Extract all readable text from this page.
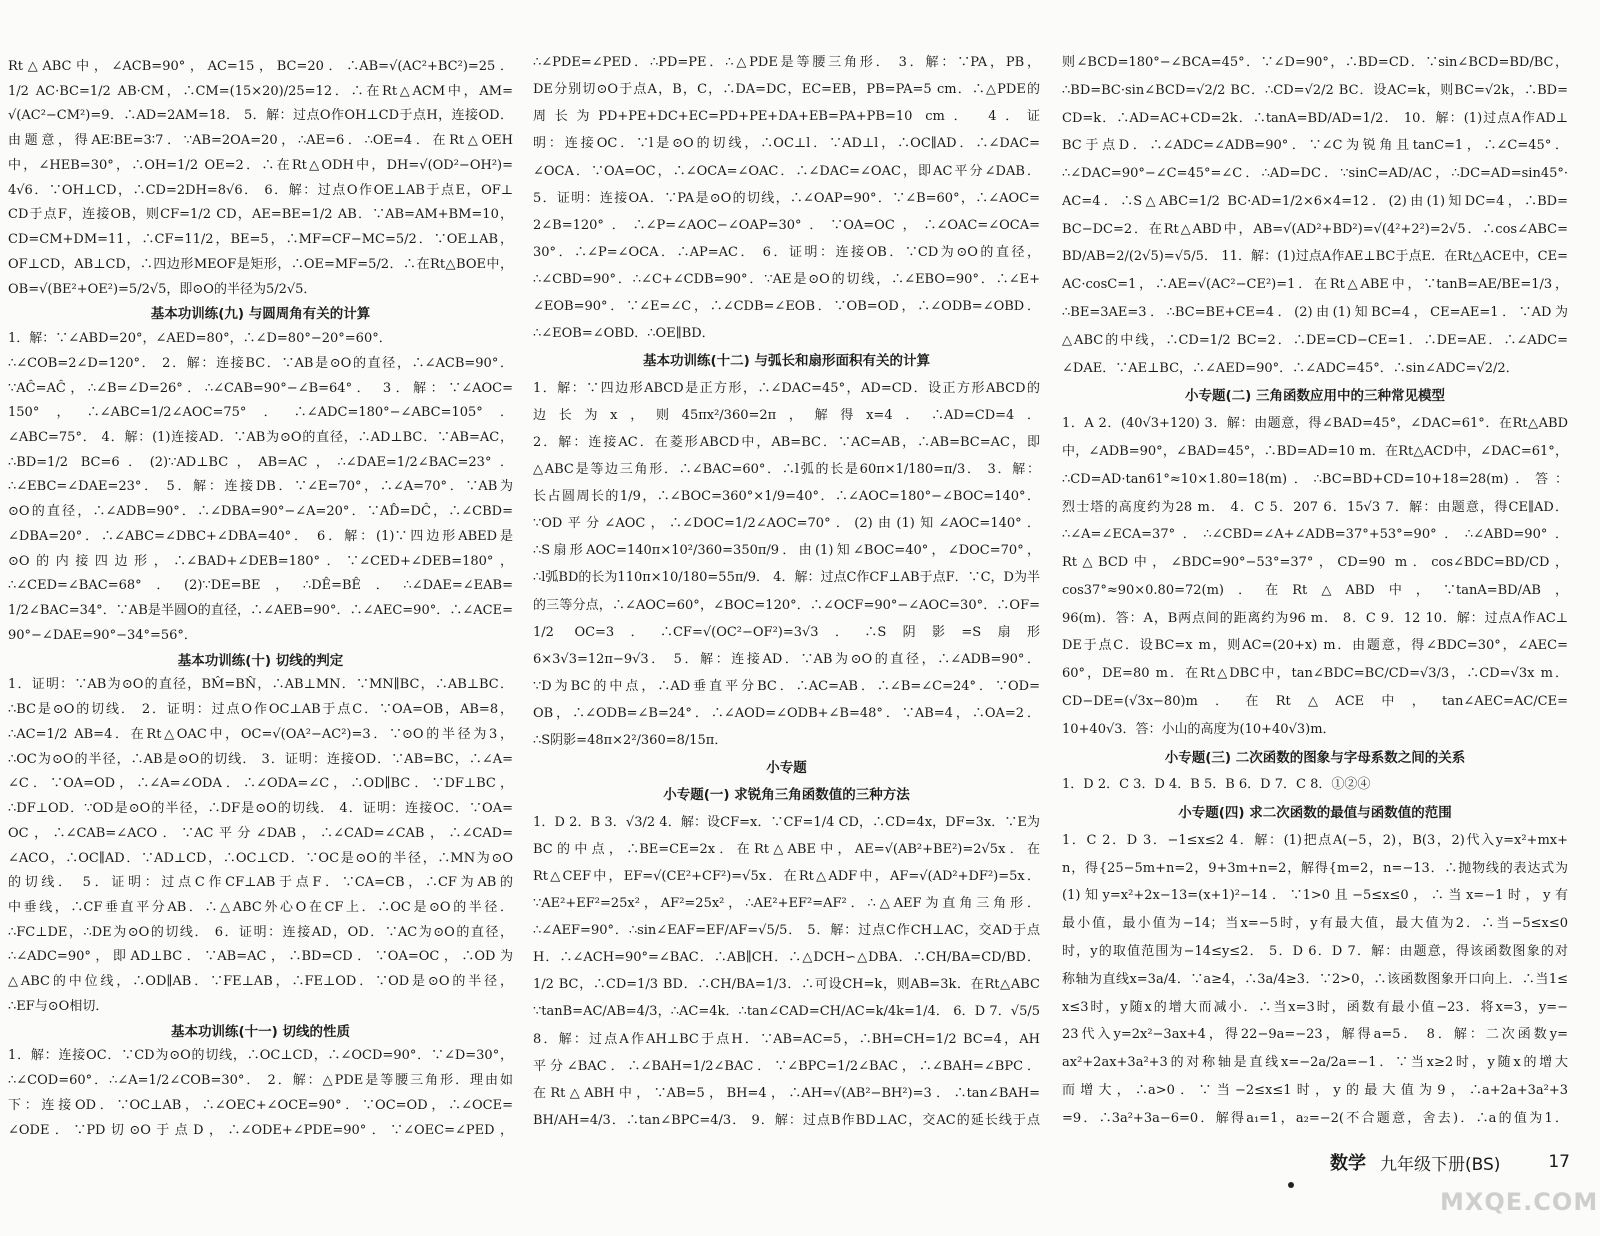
Rt△ABC中，∠ACB=90°，AC=15，BC=20．∴AB=√(AC²+BC²)=25．
1/2 AC·BC=1/2 AB·CM，∴CM=(15×20)/25=12．∴在Rt△ACM中，AM=
√(AC²−CM²)=9．∴AD=2AM=18． 5．解：过点O作OH⊥CD于点H，连接OD．
由题意，得AE∶BE=3∶7．∵AB=2OA=20，∴AE=6．∴OE=4．在Rt△OEH
中，∠HEB=30°，∴OH=1/2 OE=2．∴在Rt△ODH中，DH=√(OD²−OH²)=
4√6．∵OH⊥CD，∴CD=2DH=8√6． 6．解：过点O作OE⊥AB于点E，OF⊥
CD于点F，连接OB，则CF=1/2 CD，AE=BE=1/2 AB．∵AB=AM+BM=10，
CD=CM+DM=11，∴CF=11/2，BE=5，∴MF=CF−MC=5/2．∵OE⊥AB，
OF⊥CD，AB⊥CD，∴四边形MEOF是矩形，∴OE=MF=5/2．∴在Rt△BOE中，
OB=√(BE²+OE²)=5/2√5，即⊙O的半径为5/2√5．
基本功训练(九) 与圆周角有关的计算
1．解：∵∠ABD=20°，∠AED=80°，∴∠D=80°−20°=60°．
∴∠COB=2∠D=120°． 2．解：连接BC．∵AB是⊙O的直径，∴∠ACB=90°．
∵AĈ=AĈ，∴∠B=∠D=26°．∴∠CAB=90°−∠B=64°． 3．解：∵∠AOC=
150°，∴∠ABC=1/2∠AOC=75°．∴∠ADC=180°−∠ABC=105°．
∠ABC=75°． 4．解：(1)连接AD．∵AB为⊙O的直径，∴AD⊥BC．∵AB=AC，
∴BD=1/2 BC=6．(2)∵AD⊥BC，AB=AC，∴∠DAE=1/2∠BAC=23°．
∴∠EBC=∠DAE=23°． 5．解：连接DB．∵∠E=70°，∴∠A=70°．∵AB为
⊙O的直径，∴∠ADB=90°．∴∠DBA=90°−∠A=20°．∵AD̂=DĈ，∴∠CBD=
∠DBA=20°．∴∠ABC=∠DBC+∠DBA=40°． 6．解：(1)∵四边形ABED是
⊙O的内接四边形，∴∠BAD+∠DEB=180°．∵∠CED+∠DEB=180°，
∴∠CED=∠BAC=68°．(2)∵DE=BE，∴DÊ=BÊ．∴∠DAE=∠EAB=
1/2∠BAC=34°．∵AB是半圆O的直径，∴∠AEB=90°．∴∠AEC=90°．∴∠ACE=
90°−∠DAE=90°−34°=56°．
基本功训练(十) 切线的判定
1．证明：∵AB为⊙O的直径，BM̂=BN̂，∴AB⊥MN．∵MN∥BC，∴AB⊥BC．
∴BC是⊙O的切线． 2．证明：过点O作OC⊥AB于点C．∵OA=OB，AB=8，
∴AC=1/2 AB=4．在Rt△OAC中，OC=√(OA²−AC²)=3．∵⊙O的半径为3，
∴OC为⊙O的半径，∴AB是⊙O的切线． 3．证明：连接OD．∵AB=BC，∴∠A=
∠C．∵OA=OD，∴∠A=∠ODA．∴∠ODA=∠C，∴OD∥BC．∵DF⊥BC，
∴DF⊥OD．∵OD是⊙O的半径，∴DF是⊙O的切线． 4．证明：连接OC．∵OA=
OC，∴∠CAB=∠ACO．∵AC平分∠DAB，∴∠CAD=∠CAB，∴∠CAD=
∠ACO，∴OC∥AD．∵AD⊥CD，∴OC⊥CD．∵OC是⊙O的半径，∴MN为⊙O
的切线． 5．证明：过点C作CF⊥AB于点F．∵CA=CB，∴CF为AB的
中垂线，∴CF垂直平分AB．∴△ABC外心O在CF上．∴OC是⊙O的半径．
∴FC⊥DE，∴DE为⊙O的切线． 6．证明：连接AD，OD．∵AC为⊙O的直径，
∴∠ADC=90°，即AD⊥BC．∵AB=AC，∴BD=CD．∵OA=OC，∴OD为
△ABC的中位线，∴OD∥AB．∵FE⊥AB，∴FE⊥OD．∵OD是⊙O的半径，
∴EF与⊙O相切．
基本功训练(十一) 切线的性质
1．解：连接OC．∵CD为⊙O的切线，∴OC⊥CD，∴∠OCD=90°．∵∠D=30°，
∴∠COD=60°．∴∠A=1/2∠COB=30°． 2．解：△PDE是等腰三角形．理由如
下：连接OD．∵OC⊥AB，∴∠OEC+∠OCE=90°．∵OC=OD，∴∠OCE=
∠ODE．∵PD切⊙O于点D，∴∠ODE+∠PDE=90°．∵∠OEC=∠PED，
∴∠PDE=∠PED．∴PD=PE．∴△PDE是等腰三角形． 3．解：∵PA，PB，
DE分别切⊙O于点A，B，C，∴DA=DC，EC=EB，PB=PA=5 cm．∴△PDE的
周长为PD+PE+DC+EC=PD+PE+DA+EB=PA+PB=10 cm． 4．证
明：连接OC．∵l是⊙O的切线，∴OC⊥l．∵AD⊥l，∴OC∥AD．∴∠DAC=
∠OCA．∵OA=OC，∴∠OCA=∠OAC．∴∠DAC=∠OAC，即AC平分∠DAB．
5．证明：连接OA．∵PA是⊙O的切线，∴∠OAP=90°．∵∠B=60°，∴∠AOC=
2∠B=120°．∴∠P=∠AOC−∠OAP=30°．∵OA=OC，∴∠OAC=∠OCA=
30°．∴∠P=∠OCA．∴AP=AC． 6．证明：连接OB．∵CD为⊙O的直径，
∴∠CBD=90°．∴∠C+∠CDB=90°．∵AE是⊙O的切线，∴∠EBO=90°．∴∠E+
∠EOB=90°．∵∠E=∠C，∴∠CDB=∠EOB．∵OB=OD，∴∠ODB=∠OBD．
∴∠EOB=∠OBD．∴OE∥BD．
基本功训练(十二) 与弧长和扇形面积有关的计算
1．解：∵四边形ABCD是正方形，∴∠DAC=45°，AD=CD．设正方形ABCD的
边长为x，则45πx²/360=2π，解得x=4．∴AD=CD=4．
2．解：连接AC．在菱形ABCD中，AB=BC．∵AC=AB，∴AB=BC=AC，即
△ABC是等边三角形．∴∠BAC=60°．∴l弧的长是60π×1/180=π/3． 3．解：
长占圆周长的1/9，∴∠BOC=360°×1/9=40°．∴∠AOC=180°−∠BOC=140°．
∵OD平分∠AOC，∴∠DOC=1/2∠AOC=70°．(2)由(1)知∠AOC=140°．
∴S扇形AOC=140π×10²/360=350π/9．由(1)知∠BOC=40°，∠DOC=70°，
∴l弧BD的长为110π×10/180=55π/9． 4．解：过点C作CF⊥AB于点F．∵C，D为半
的三等分点，∴∠AOC=60°，∠BOC=120°．∴∠OCF=90°−∠AOC=30°．∴OF=
1/2 OC=3．∴CF=√(OC²−OF²)=3√3．∴S阴影=S扇形
6×3√3=12π−9√3． 5．解：连接AD．∵AB为⊙O的直径，∴∠ADB=90°．
∵D为BC的中点，∴AD垂直平分BC．∴AC=AB．∴∠B=∠C=24°．∵OD=
OB，∴∠ODB=∠B=24°．∴∠AOD=∠ODB+∠B=48°．∵AB=4，∴OA=2．
∴S阴影=48π×2²/360=8/15π．
小专题
小专题(一) 求锐角三角函数值的三种方法
1．D 2．B 3．√3/2 4．解：设CF=x．∵CF=1/4 CD，∴CD=4x，DF=3x．∵E为
BC的中点，∴BE=CE=2x．在Rt△ABE中，AE=√(AB²+BE²)=2√5x．在
Rt△CEF中，EF=√(CE²+CF²)=√5x．在Rt△ADF中，AF=√(AD²+DF²)=5x．
∵AE²+EF²=25x²，AF²=25x²，∴AE²+EF²=AF²．∴△AEF为直角三角形．
∴∠AEF=90°．∴sin∠EAF=EF/AF=√5/5． 5．解：过点C作CH⊥AC，交AD于点
H．∴∠ACH=90°=∠BAC．∴AB∥CH．∴△DCH∽△DBA．∴CH/BA=CD/BD．
1/2 BC，∴CD=1/3 BD．∴CH/BA=1/3．∴可设CH=k，则AB=3k．在Rt△ABC
∵tanB=AC/AB=4/3，∴AC=4k．∴tan∠CAD=CH/AC=k/4k=1/4． 6．D 7．√5/5
8．解：过点A作AH⊥BC于点H．∵AB=AC=5，∴BH=CH=1/2 BC=4，AH
平分∠BAC．∴∠BAH=1/2∠BAC．∵∠BPC=1/2∠BAC，∴∠BAH=∠BPC．
在Rt△ABH中，∵AB=5，BH=4，∴AH=√(AB²−BH²)=3．∴tan∠BAH=
BH/AH=4/3．∴tan∠BPC=4/3． 9．解：过点B作BD⊥AC，交AC的延长线于点
则∠BCD=180°−∠BCA=45°．∵∠D=90°，∴BD=CD．∵sin∠BCD=BD/BC，
∴BD=BC·sin∠BCD=√2/2 BC．∴CD=√2/2 BC．设AC=k，则BC=√2k，∴BD=
CD=k．∴AD=AC+CD=2k．∴tanA=BD/AD=1/2． 10．解：(1)过点A作AD⊥
BC于点D．∴∠ADC=∠ADB=90°．∵∠C为锐角且tanC=1，∴∠C=45°．
∴∠DAC=90°−∠C=45°=∠C．∴AD=DC．∵sinC=AD/AC，∴DC=AD=sin45°·
AC=4．∴S△ABC=1/2 BC·AD=1/2×6×4=12．(2)由(1)知DC=4，∴BD=
BC−DC=2．在Rt△ABD中，AB=√(AD²+BD²)=√(4²+2²)=2√5．∴cos∠ABC=
BD/AB=2/(2√5)=√5/5． 11．解：(1)过点A作AE⊥BC于点E．在Rt△ACE中，CE=
AC·cosC=1，∴AE=√(AC²−CE²)=1．在Rt△ABE中，∵tanB=AE/BE=1/3，
∴BE=3AE=3．∴BC=BE+CE=4．(2)由(1)知BC=4，CE=AE=1．∵AD为
△ABC的中线，∴CD=1/2 BC=2．∴DE=CD−CE=1．∴DE=AE．∴∠ADC=
∠DAE．∵AE⊥BC，∴∠AED=90°．∴∠ADC=45°．∴sin∠ADC=√2/2．
小专题(二) 三角函数应用中的三种常见模型
1．A 2．(40√3+120) 3．解：由题意，得∠BAD=45°，∠DAC=61°．在Rt△ABD
中，∠ADB=90°，∠BAD=45°，∴BD=AD=10 m．在Rt△ACD中，∠DAC=61°，
∴CD=AD·tan61°≈10×1.80=18(m)．∴BC=BD+CD=10+18=28(m)．答：
烈士塔的高度约为28 m． 4．C 5．207 6．15√3 7．解：由题意，得CE∥AD．
∴∠A=∠ECA=37°．∴∠CBD=∠A+∠ADB=37°+53°=90°．∴∠ABD=90°．
Rt△BCD中，∠BDC=90°−53°=37°，CD=90 m．cos∠BDC=BD/CD，
cos37°≈90×0.80=72(m)．在Rt△ABD中，∵tanA=BD/AB，
96(m)．答：A，B两点间的距离约为96 m． 8．C 9．12 10．解：过点A作AC⊥
DE于点C．设BC=x m，则AC=(20+x) m．由题意，得∠BDC=30°，∠AEC=
60°，DE=80 m．在Rt△DBC中，tan∠BDC=BC/CD=√3/3，∴CD=√3x m．
CD−DE=(√3x−80)m．在Rt△ACE中，tan∠AEC=AC/CE=
10+40√3．答：小山的高度为(10+40√3)m．
小专题(三) 二次函数的图象与字母系数之间的关系
1．D 2．C 3．D 4．B 5．B 6．D 7．C 8．①②④
小专题(四) 求二次函数的最值与函数值的范围
1．C 2．D 3．−1≤x≤2 4．解：(1)把点A(−5，2)，B(3，2)代入y=x²+mx+
n，得{25−5m+n=2，9+3m+n=2，解得{m=2，n=−13．∴抛物线的表达式为
(1)知y=x²+2x−13=(x+1)²−14．∵1>0且−5≤x≤0，∴当x=−1时，y有
最小值，最小值为−14；当x=−5时，y有最大值，最大值为2．∴当−5≤x≤0
时，y的取值范围为−14≤y≤2． 5．D 6．D 7．解：由题意，得该函数图象的对
称轴为直线x=3a/4．∵a≥4，∴3a/4≥3．∵2>0，∴该函数图象开口向上．∴当1≤
x≤3时，y随x的增大而减小．∴当x=3时，函数有最小值−23．将x=3，y=−
23代入y=2x²−3ax+4，得22−9a=−23，解得a=5． 8．解：二次函数y=
ax²+2ax+3a²+3的对称轴是直线x=−2a/2a=−1．∵当x≥2时，y随x的增大
而增大，∴a>0．∵当−2≤x≤1时，y的最大值为9，∴a+2a+3a²+3
=9．∴3a²+3a−6=0．解得a₁=1，a₂=−2(不合题意，舍去)．∴a的值为1．
数学 九年级下册(BS)	17
MXQE.COM
